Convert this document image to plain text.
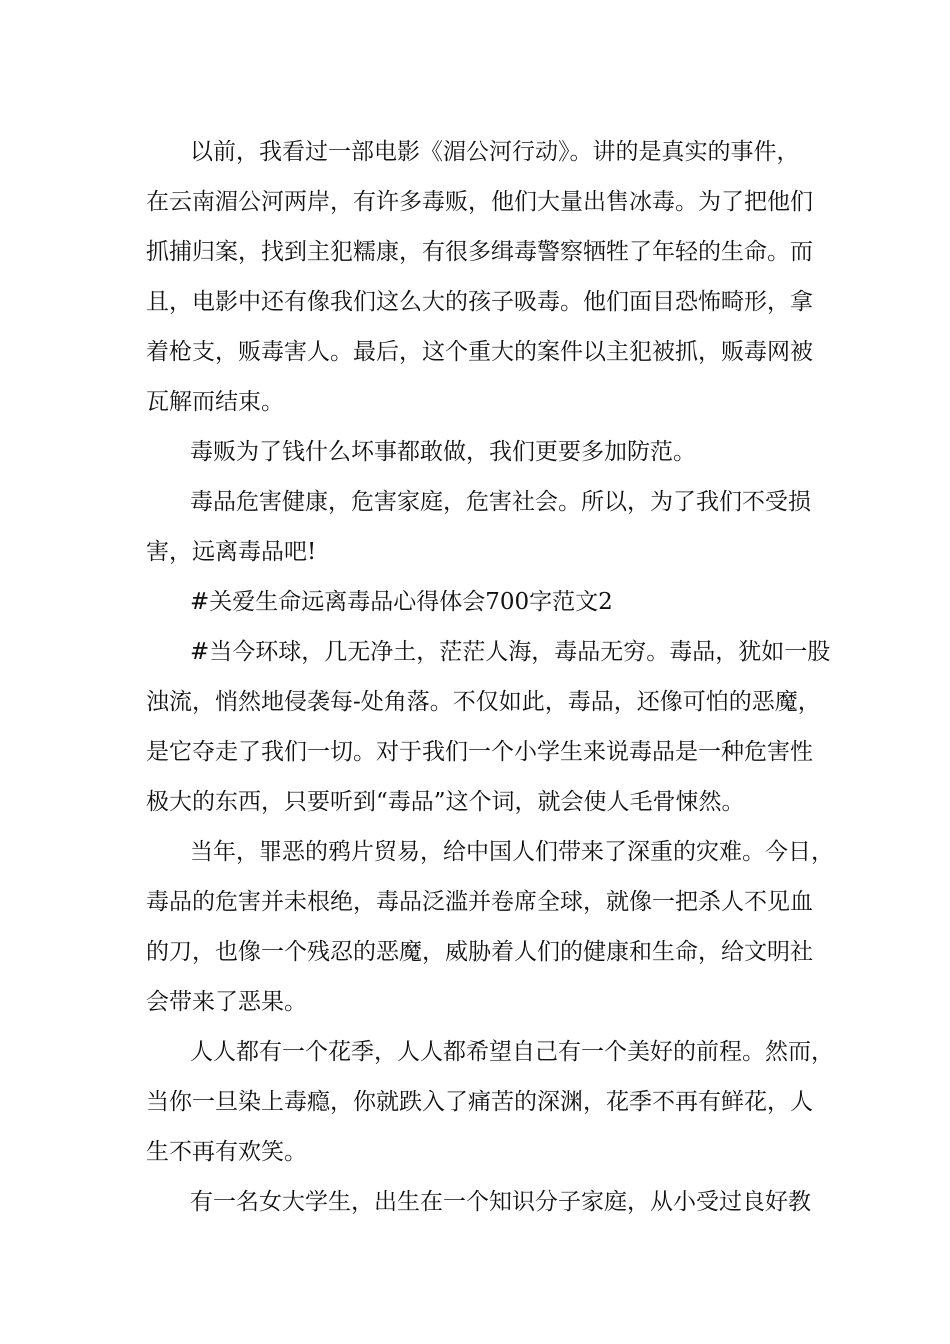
以前，我看过一部电影《湄公河行动》。讲的是真实的事件，
在云南湄公河两岸，有许多毒贩，他们大量出售冰毒。为了把他们
抓捕归案，找到主犯糯康，有很多缉毒警察牺牲了年轻的生命。而
且，电影中还有像我们这么大的孩子吸毒。他们面目恐怖畸形，拿
着枪支，贩毒害人。最后，这个重大的案件以主犯被抓，贩毒网被
瓦解而结束。
毒贩为了钱什么坏事都敢做，我们更要多加防范。
毒品危害健康，危害家庭，危害社会。所以，为了我们不受损
害，远离毒品吧!
#关爱生命远离毒品心得体会700字范文2
#当今环球，几无净土，茫茫人海，毒品无穷。毒品，犹如一股
浊流，悄然地侵袭每-处角落。不仅如此，毒品，还像可怕的恶魔，
是它夺走了我们一切。对于我们一个小学生来说毒品是一种危害性
极大的东西，只要听到“毒品”这个词，就会使人毛骨悚然。
当年，罪恶的鸦片贸易，给中国人们带来了深重的灾难。今日，
毒品的危害并未根绝，毒品泛滥并卷席全球，就像一把杀人不见血
的刀，也像一个残忍的恶魔，威胁着人们的健康和生命，给文明社
会带来了恶果。
人人都有一个花季，人人都希望自己有一个美好的前程。然而，
当你一旦染上毒瘾，你就跌入了痛苦的深渊，花季不再有鲜花，人
生不再有欢笑。
有一名女大学生，出生在一个知识分子家庭，从小受过良好教
